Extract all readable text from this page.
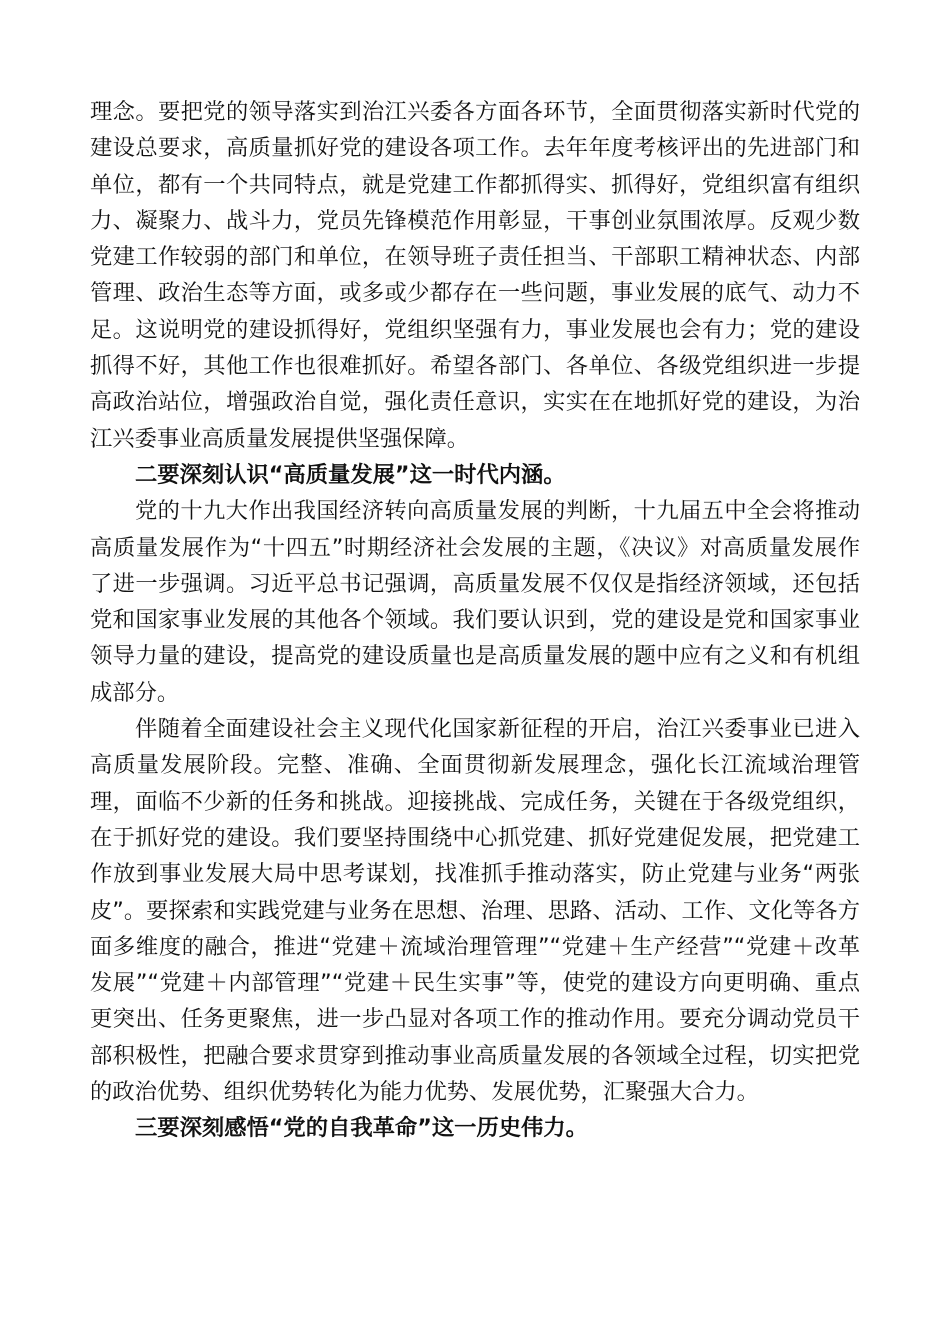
理念。要把党的领导落实到治江兴委各方面各环节，全面贯彻落实新时代党的建设总要求，高质量抓好党的建设各项工作。去年年度考核评出的先进部门和单位，都有一个共同特点，就是党建工作都抓得实、抓得好，党组织富有组织力、凝聚力、战斗力，党员先锋模范作用彰显，干事创业氛围浓厚。反观少数党建工作较弱的部门和单位，在领导班子责任担当、干部职工精神状态、内部管理、政治生态等方面，或多或少都存在一些问题，事业发展的底气、动力不足。这说明党的建设抓得好，党组织坚强有力，事业发展也会有力；党的建设抓得不好，其他工作也很难抓好。希望各部门、各单位、各级党组织进一步提高政治站位，增强政治自觉，强化责任意识，实实在在地抓好党的建设，为治江兴委事业高质量发展提供坚强保障。

二要深刻认识“高质量发展”这一时代内涵。

党的十九大作出我国经济转向高质量发展的判断，十九届五中全会将推动高质量发展作为“十四五”时期经济社会发展的主题，《决议》对高质量发展作了进一步强调。习近平总书记强调，高质量发展不仅仅是指经济领域，还包括党和国家事业发展的其他各个领域。我们要认识到，党的建设是党和国家事业领导力量的建设，提高党的建设质量也是高质量发展的题中应有之义和有机组成部分。

伴随着全面建设社会主义现代化国家新征程的开启，治江兴委事业已进入高质量发展阶段。完整、准确、全面贯彻新发展理念，强化长江流域治理管理，面临不少新的任务和挑战。迎接挑战、完成任务，关键在于各级党组织，在于抓好党的建设。我们要坚持围绕中心抓党建、抓好党建促发展，把党建工作放到事业发展大局中思考谋划，找准抓手推动落实，防止党建与业务“两张皮”。要探索和实践党建与业务在思想、治理、思路、活动、工作、文化等各方面多维度的融合，推进“党建＋流域治理管理”“党建＋生产经营”“党建＋改革发展”“党建＋内部管理”“党建＋民生实事”等，使党的建设方向更明确、重点更突出、任务更聚焦，进一步凸显对各项工作的推动作用。要充分调动党员干部积极性，把融合要求贯穿到推动事业高质量发展的各领域全过程，切实把党的政治优势、组织优势转化为能力优势、发展优势，汇聚强大合力。

三要深刻感悟“党的自我革命”这一历史伟力。
